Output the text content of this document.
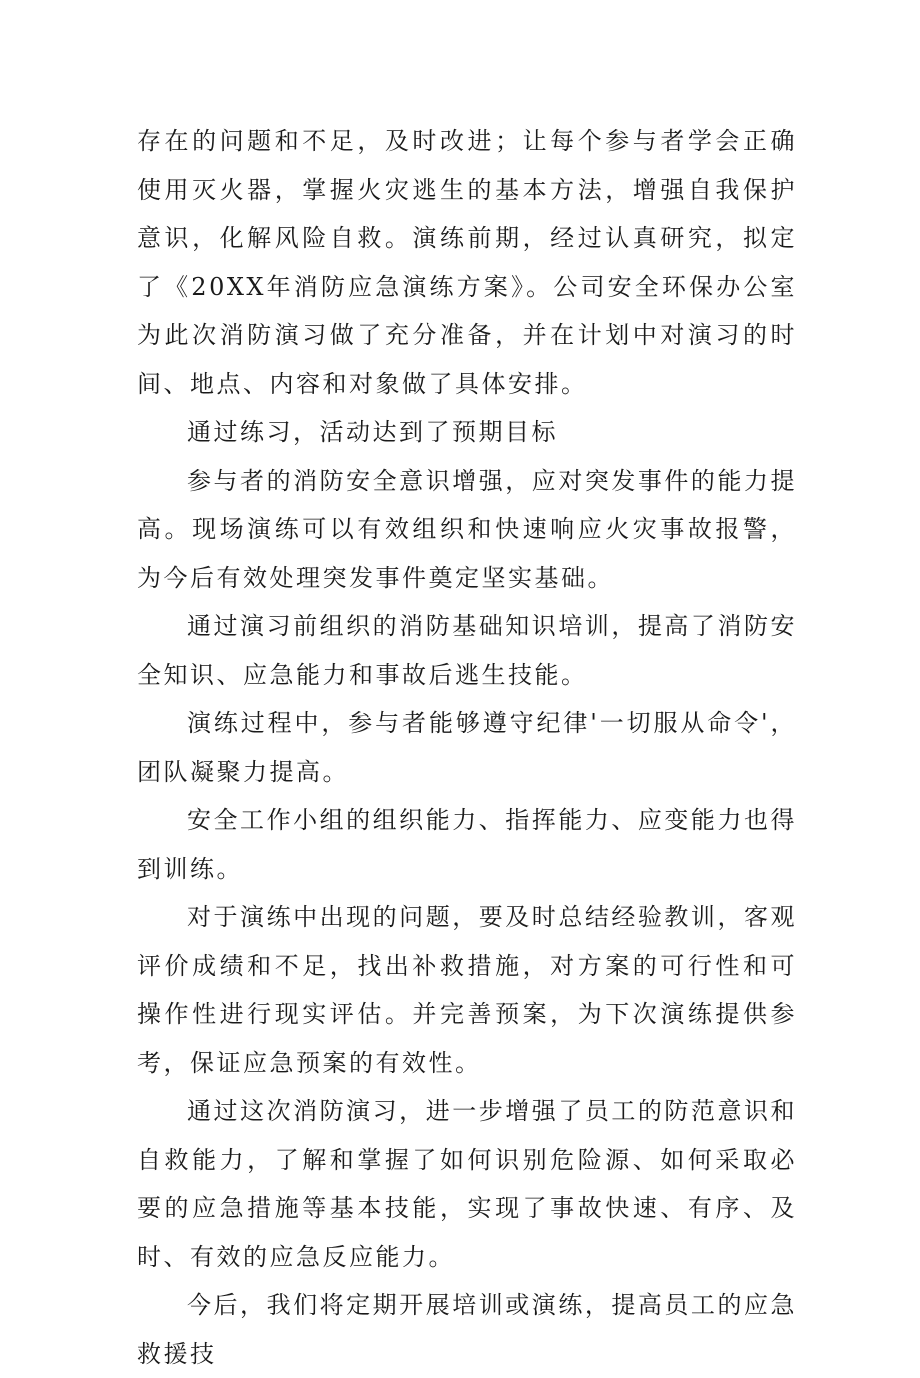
存在的问题和不足，及时改进；让每个参与者学会正确使用灭火器，掌握火灾逃生的基本方法，增强自我保护意识，化解风险自救。演练前期，经过认真研究，拟定了《20XX年消防应急演练方案》。公司安全环保办公室为此次消防演习做了充分准备，并在计划中对演习的时间、地点、内容和对象做了具体安排。

通过练习，活动达到了预期目标

参与者的消防安全意识增强，应对突发事件的能力提高。现场演练可以有效组织和快速响应火灾事故报警，为今后有效处理突发事件奠定坚实基础。

通过演习前组织的消防基础知识培训，提高了消防安全知识、应急能力和事故后逃生技能。

演练过程中，参与者能够遵守纪律'一切服从命令'，团队凝聚力提高。

安全工作小组的组织能力、指挥能力、应变能力也得到训练。

对于演练中出现的问题，要及时总结经验教训，客观评价成绩和不足，找出补救措施，对方案的可行性和可操作性进行现实评估。并完善预案，为下次演练提供参考，保证应急预案的有效性。

通过这次消防演习，进一步增强了员工的防范意识和自救能力，了解和掌握了如何识别危险源、如何采取必要的应急措施等基本技能，实现了事故快速、有序、及时、有效的应急反应能力。

今后，我们将定期开展培训或演练，提高员工的应急救援技
